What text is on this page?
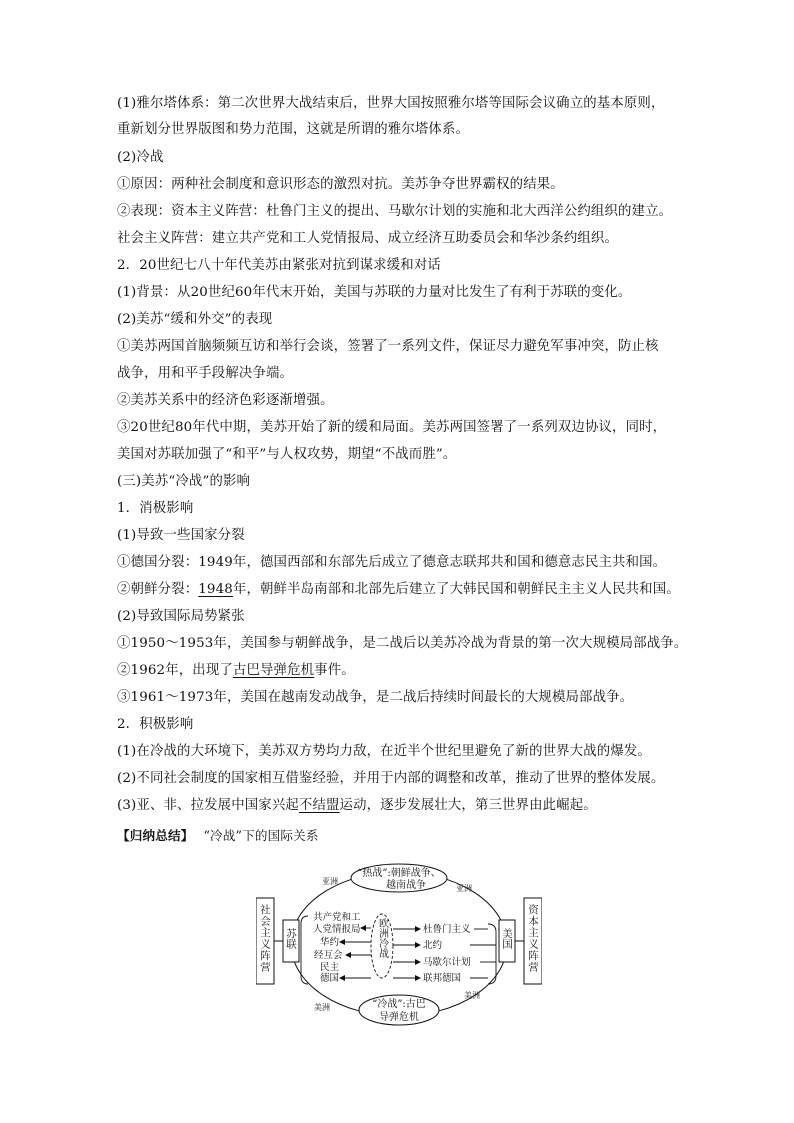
(1)雅尔塔体系：第二次世界大战结束后，世界大国按照雅尔塔等国际会议确立的基本原则，
重新划分世界版图和势力范围，这就是所谓的雅尔塔体系。
(2)冷战
①原因：两种社会制度和意识形态的激烈对抗。美苏争夺世界霸权的结果。
②表现：资本主义阵营：杜鲁门主义的提出、马歇尔计划的实施和北大西洋公约组织的建立。
社会主义阵营：建立共产党和工人党情报局、成立经济互助委员会和华沙条约组织。
2．20世纪七八十年代美苏由紧张对抗到谋求缓和对话
(1)背景：从20世纪60年代末开始，美国与苏联的力量对比发生了有利于苏联的变化。
(2)美苏“缓和外交”的表现
①美苏两国首脑频频互访和举行会谈，签署了一系列文件，保证尽力避免军事冲突，防止核
战争，用和平手段解决争端。
②美苏关系中的经济色彩逐渐增强。
③20世纪80年代中期，美苏开始了新的缓和局面。美苏两国签署了一系列双边协议，同时，
美国对苏联加强了“和平”与人权攻势，期望“不战而胜”。
(三)美苏“冷战”的影响
1．消极影响
(1)导致一些国家分裂
①德国分裂：1949年，德国西部和东部先后成立了德意志联邦共和国和德意志民主共和国。
②朝鲜分裂：1948年，朝鲜半岛南部和北部先后建立了大韩民国和朝鲜民主主义人民共和国。
(2)导致国际局势紧张
①1950～1953年，美国参与朝鲜战争，是二战后以美苏冷战为背景的第一次大规模局部战争。
②1962年，出现了古巴导弹危机事件。
③1961～1973年，美国在越南发动战争，是二战后持续时间最长的大规模局部战争。
2．积极影响
(1)在冷战的大环境下，美苏双方势均力敌，在近半个世纪里避免了新的世界大战的爆发。
(2)不同社会制度的国家相互借鉴经验，并用于内部的调整和改革，推动了世界的整体发展。
(3)亚、非、拉发展中国家兴起不结盟运动，逐步发展壮大，第三世界由此崛起。
【归纳总结】 “冷战”下的国际关系
社会主义阵营	资本主义阵营
苏联	美国
“热战”:朝鲜战争、
越南战争
“冷战”:古巴
导弹危机
亚洲
亚洲
美洲
美洲
欧洲冷战
共产党和工
人党情报局
华约
经互会
民主
德国
杜鲁门主义
北约
马歇尔计划
联邦德国
